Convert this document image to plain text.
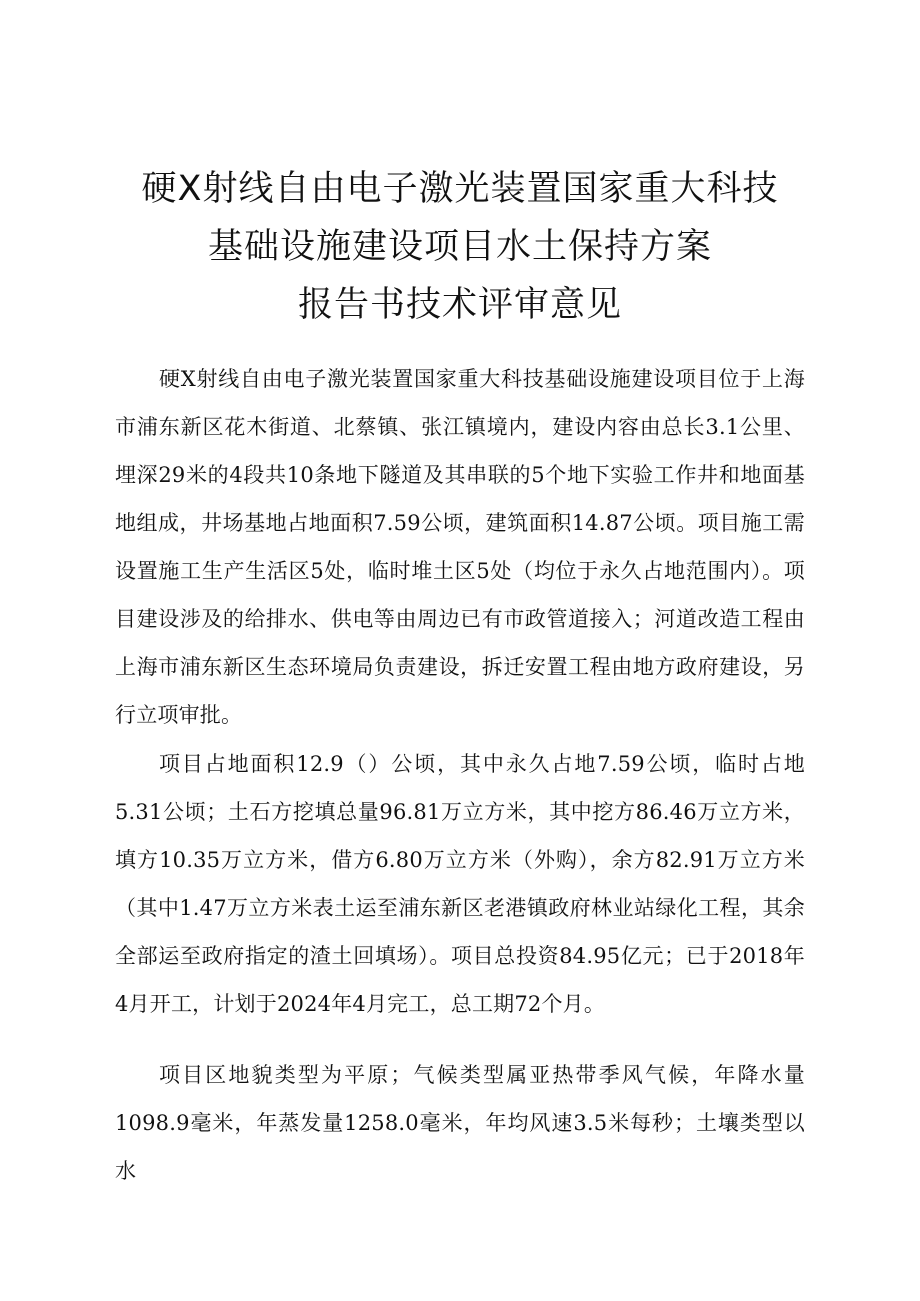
硬X射线自由电子激光装置国家重大科技
基础设施建设项目水土保持方案
报告书技术评审意见

硬X射线自由电子激光装置国家重大科技基础设施建设项目位于上海市浦东新区花木街道、北蔡镇、张江镇境内，建设内容由总长3.1公里、埋深29米的4段共10条地下隧道及其串联的5个地下实验工作井和地面基地组成，井场基地占地面积7.59公顷，建筑面积14.87公顷。项目施工需设置施工生产生活区5处，临时堆土区5处（均位于永久占地范围内）。项目建设涉及的给排水、供电等由周边已有市政管道接入；河道改造工程由上海市浦东新区生态环境局负责建设，拆迁安置工程由地方政府建设，另行立项审批。

项目占地面积12.9（）公顷，其中永久占地7.59公顷，临时占地5.31公顷；土石方挖填总量96.81万立方米，其中挖方86.46万立方米，填方10.35万立方米，借方6.80万立方米（外购），余方82.91万立方米（其中1.47万立方米表土运至浦东新区老港镇政府林业站绿化工程，其余全部运至政府指定的渣土回填场）。项目总投资84.95亿元；已于2018年4月开工，计划于2024年4月完工，总工期72个月。

项目区地貌类型为平原；气候类型属亚热带季风气候，年降水量1098.9毫米，年蒸发量1258.0毫米，年均风速3.5米每秒；土壤类型以水
